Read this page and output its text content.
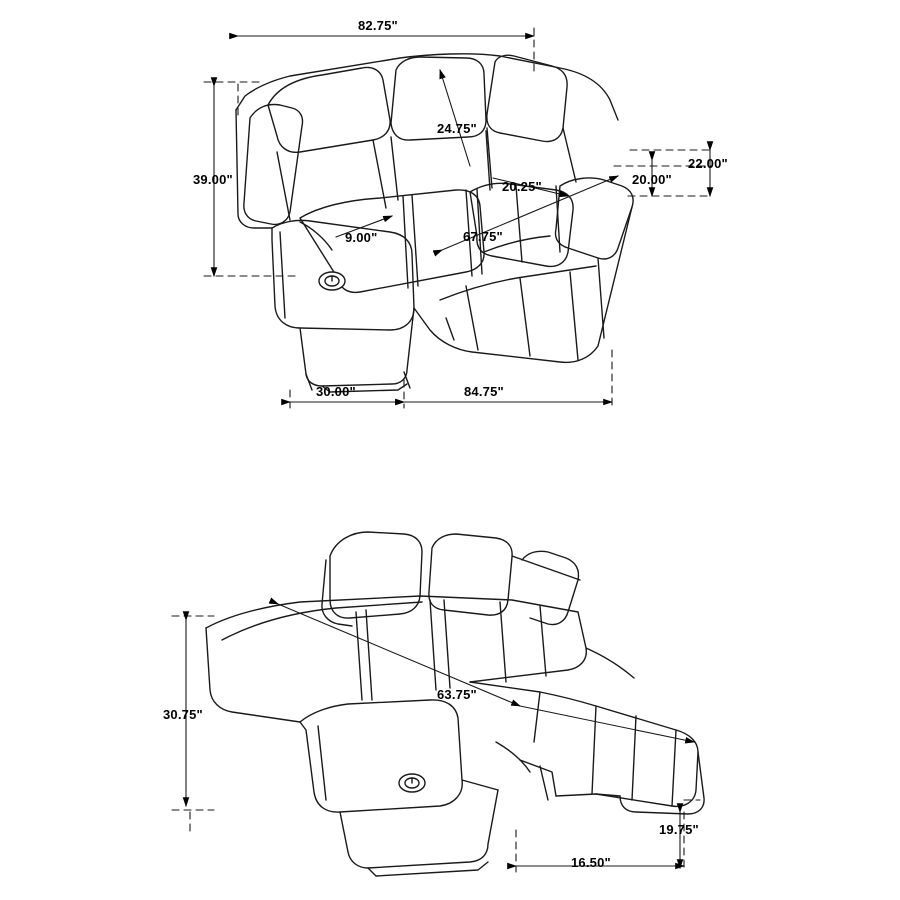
82.75"
39.00"
24.75"
20.25"	20.00"
22.00"
9.00"	67.75"
30.00"	84.75"
30.75"
63.75"
19.75"
16.50"
